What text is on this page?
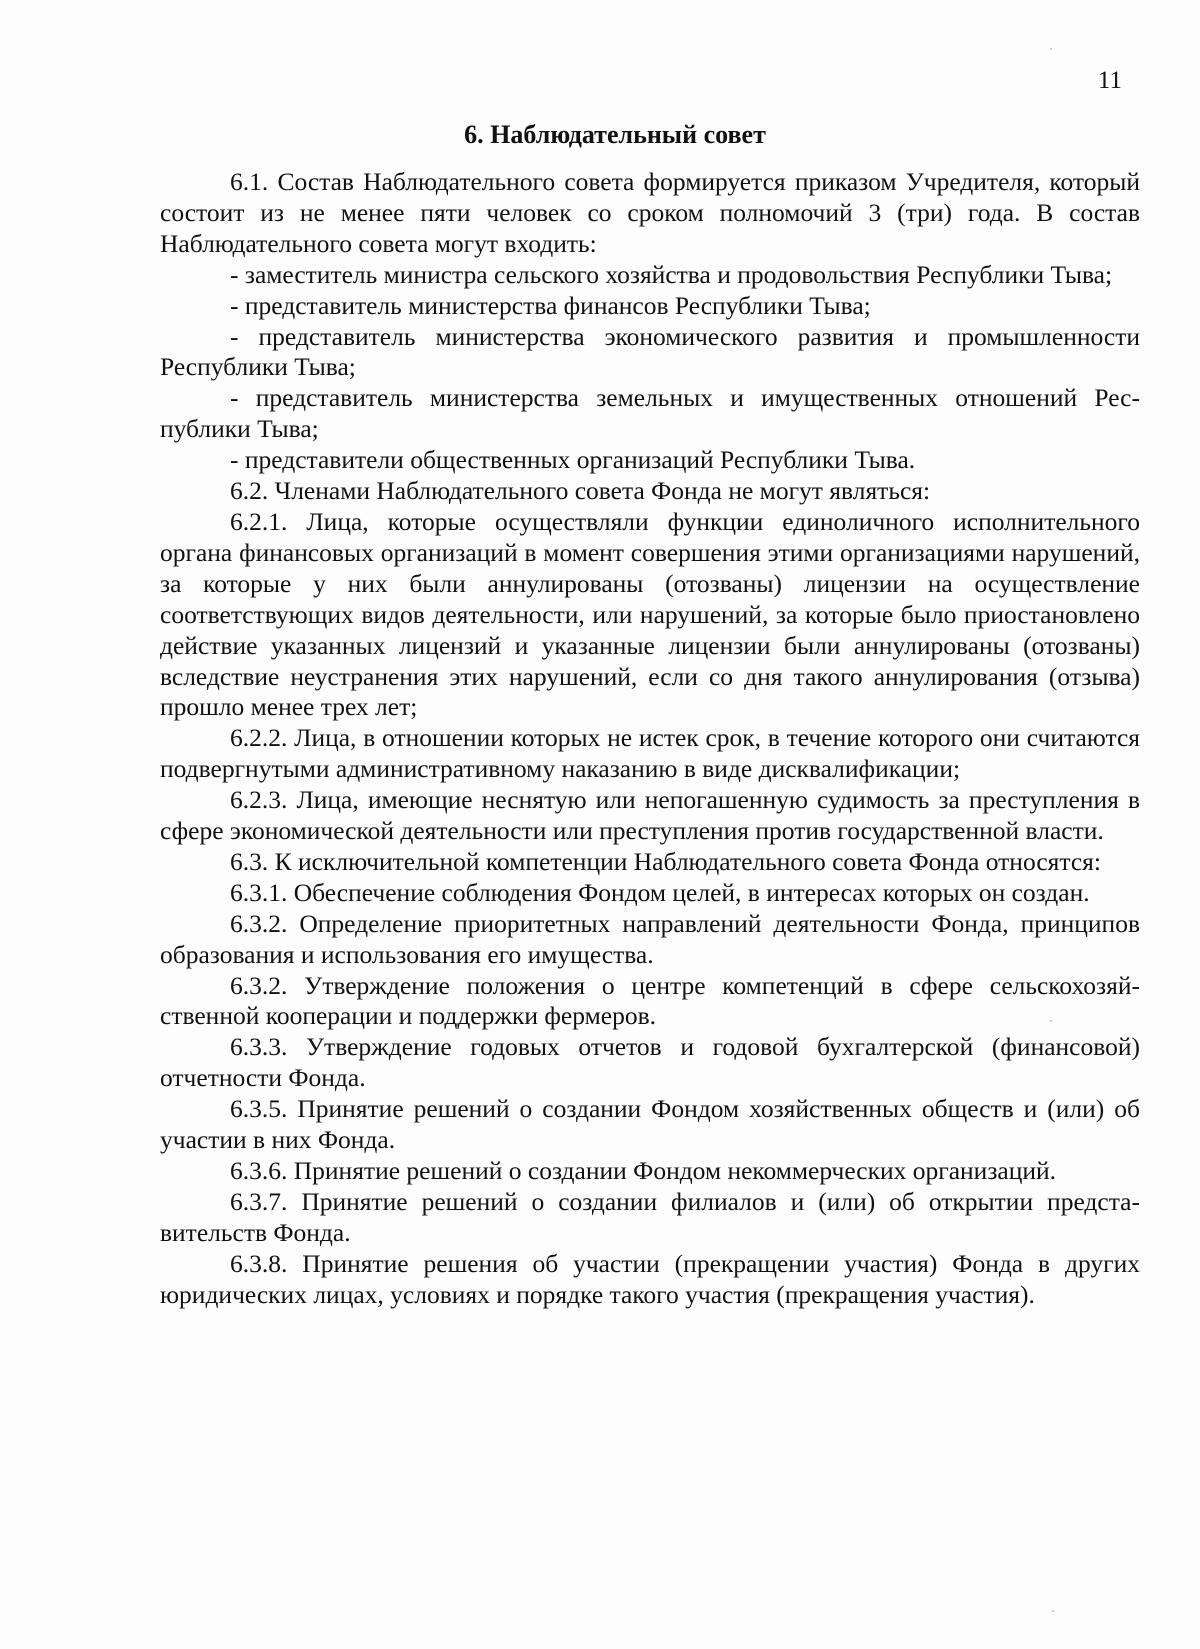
11
6. Наблюдательный совет

6.1. Состав Наблюдательного совета формируется приказом Учредителя, который состоит из не менее пяти человек со сроком полномочий 3 (три) года. В состав Наблюдательного совета могут входить:

- заместитель министра сельского хозяйства и продовольствия Республики Тыва;

- представитель министерства финансов Республики Тыва;

- представитель министерства экономического развития и промышленности Республики Тыва;

- представитель министерства земельных и имущественных отношений Республики Тыва;

- представители общественных организаций Республики Тыва.

6.2. Членами Наблюдательного совета Фонда не могут являться:

6.2.1. Лица, которые осуществляли функции единоличного исполнительного органа финансовых организаций в момент совершения этими организациями нарушений, за которые у них были аннулированы (отозваны) лицензии на осуществление соответствующих видов деятельности, или нарушений, за которые было приостановлено действие указанных лицензий и указанные лицензии были аннулированы (отозваны) вследствие неустранения этих нарушений, если со дня такого аннулирования (отзыва) прошло менее трех лет;

6.2.2. Лица, в отношении которых не истек срок, в течение которого они считаются подвергнутыми административному наказанию в виде дисквалификации;

6.2.3. Лица, имеющие неснятую или непогашенную судимость за преступления в сфере экономической деятельности или преступления против государственной власти.

6.3. К исключительной компетенции Наблюдательного совета Фонда относятся:

6.3.1. Обеспечение соблюдения Фондом целей, в интересах которых он создан.

6.3.2. Определение приоритетных направлений деятельности Фонда, принципов образования и использования его имущества.

6.3.2. Утверждение положения о центре компетенций в сфере сельскохозяйственной кооперации и поддержки фермеров.

6.3.3. Утверждение годовых отчетов и годовой бухгалтерской (финансовой) отчетности Фонда.

6.3.5. Принятие решений о создании Фондом хозяйственных обществ и (или) об участии в них Фонда.

6.3.6. Принятие решений о создании Фондом некоммерческих организаций.

6.3.7. Принятие решений о создании филиалов и (или) об открытии представительств Фонда.

6.3.8. Принятие решения об участии (прекращении участия) Фонда в других юридических лицах, условиях и порядке такого участия (прекращения участия).
